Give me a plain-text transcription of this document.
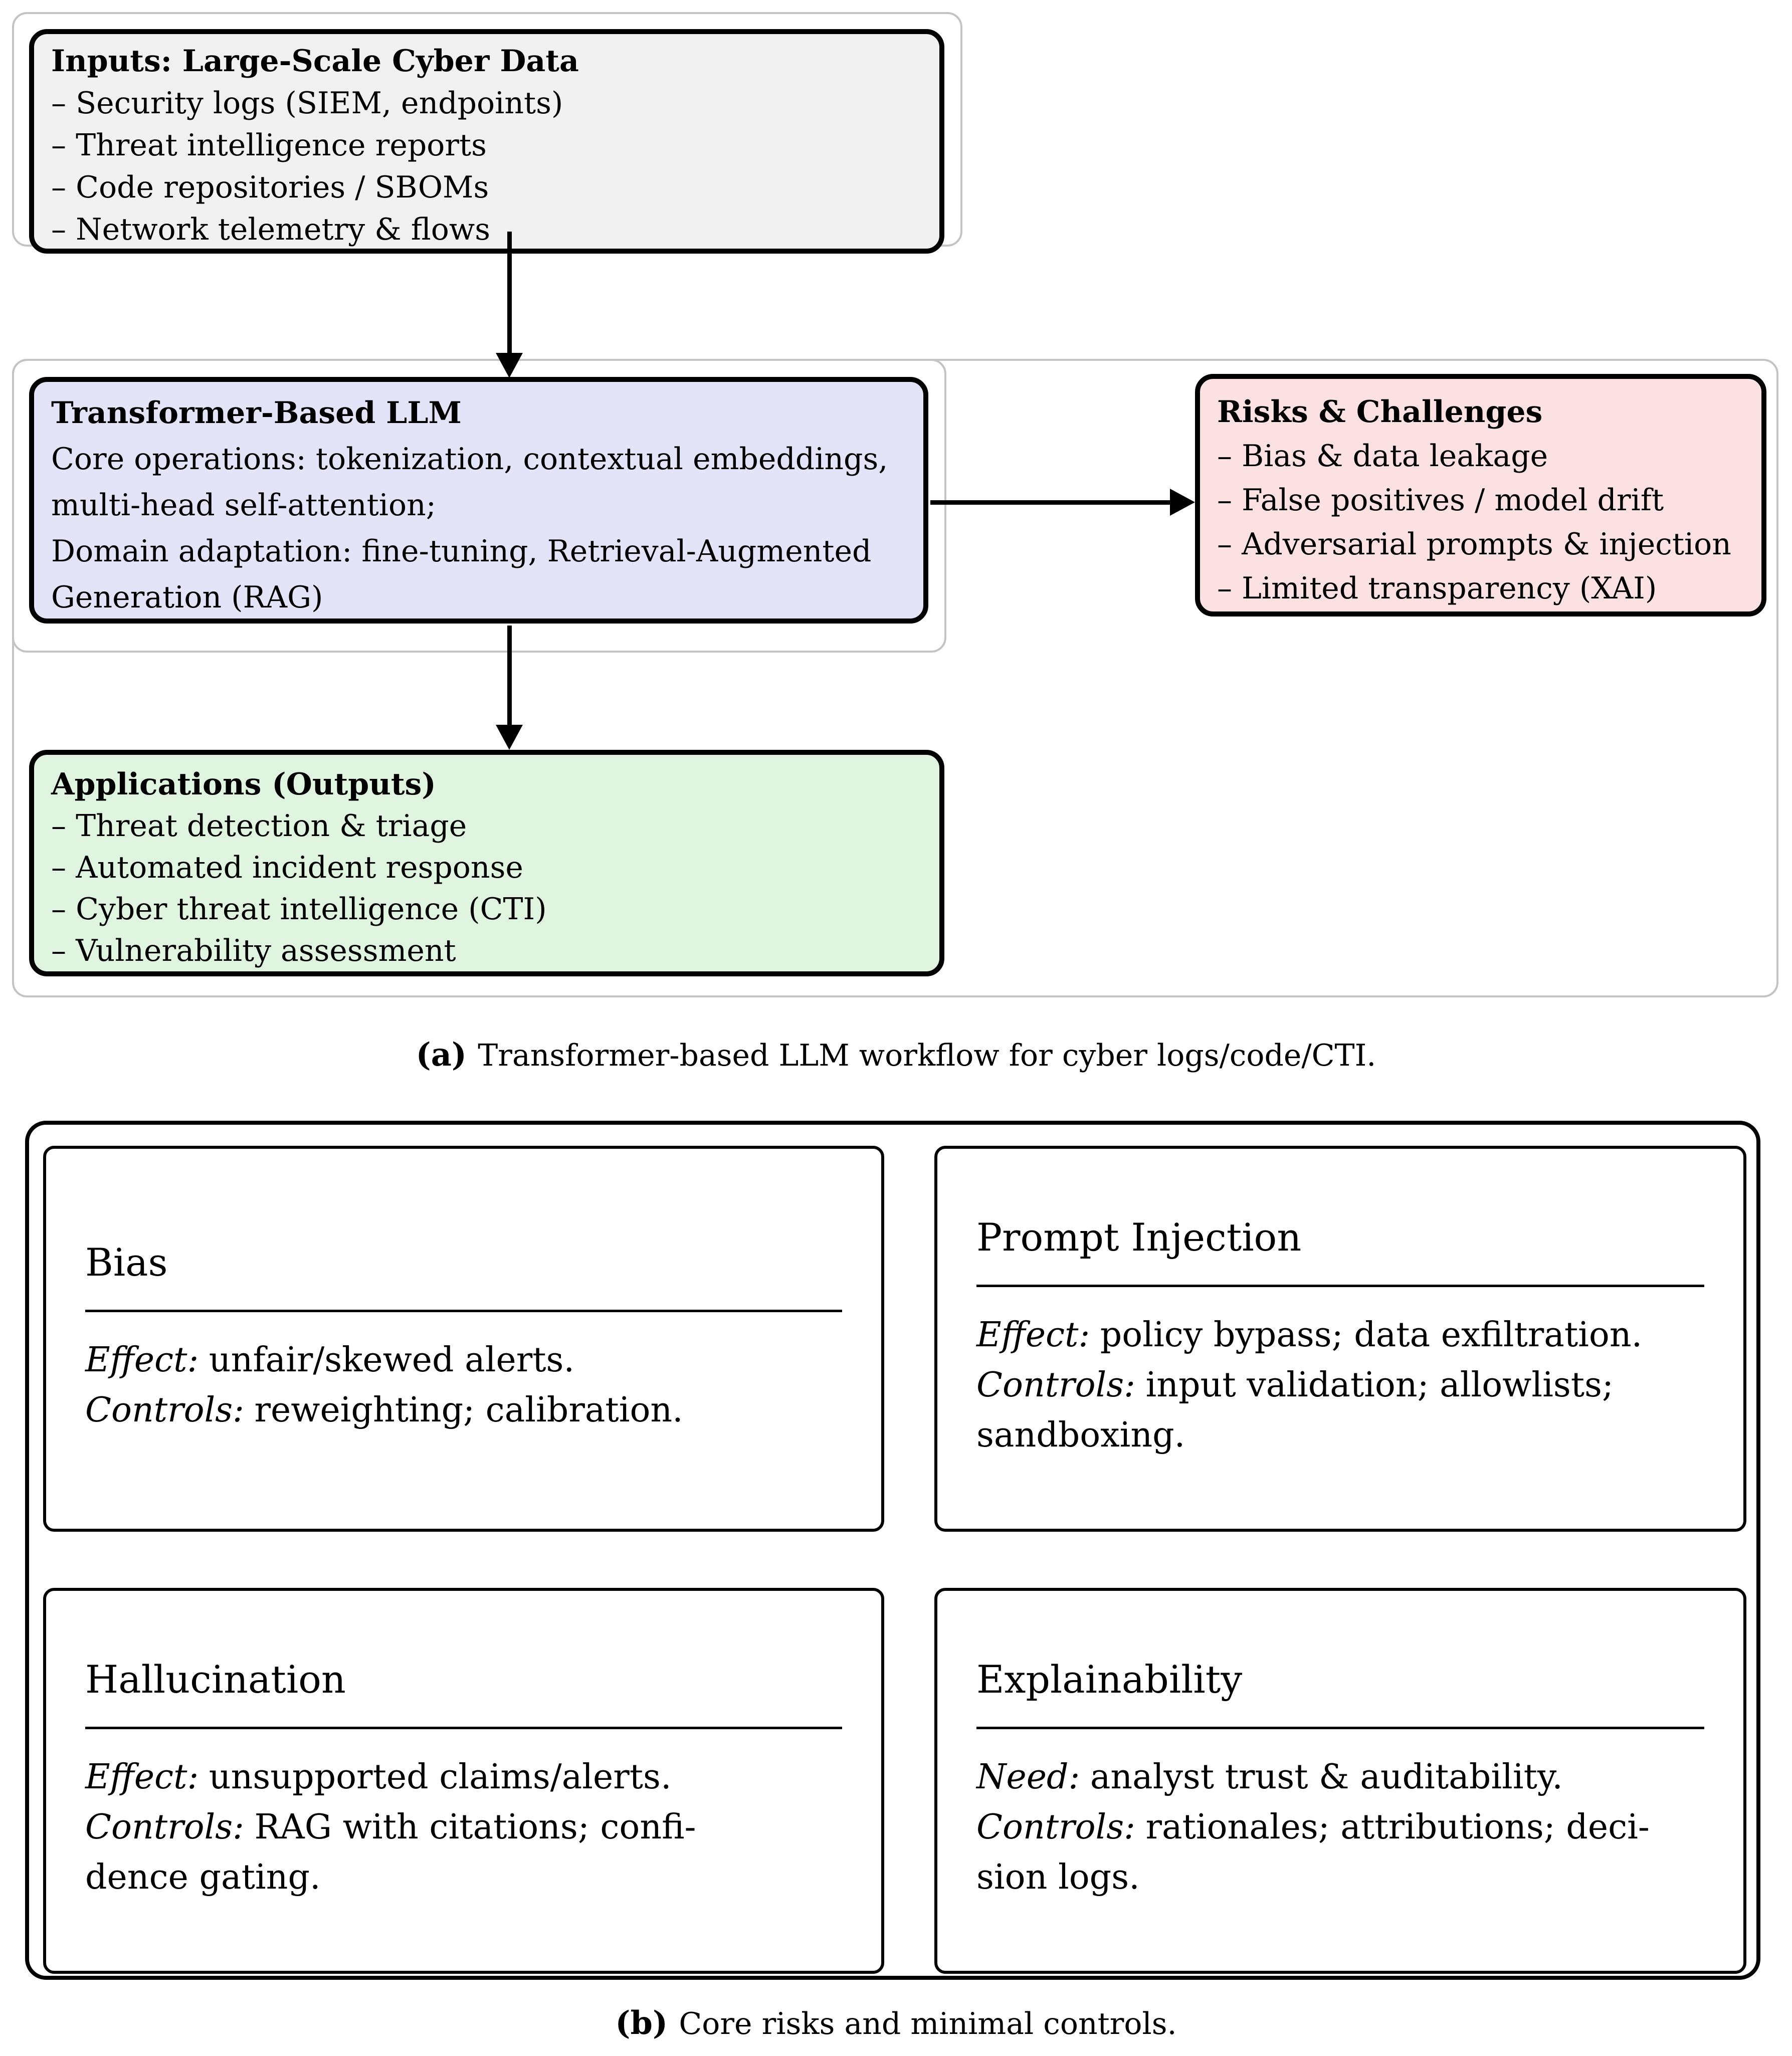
Inputs: Large-Scale Cyber Data
– Security logs (SIEM, endpoints)
– Threat intelligence reports
– Code repositories / SBOMs
– Network telemetry & flows
Transformer-Based LLM
Core operations: tokenization, contextual embeddings,
multi-head self-attention;
Domain adaptation: fine-tuning, Retrieval-Augmented
Generation (RAG)
Risks & Challenges
– Bias & data leakage
– False positives / model drift
– Adversarial prompts & injection
– Limited transparency (XAI)
Applications (Outputs)
– Threat detection & triage
– Automated incident response
– Cyber threat intelligence (CTI)
– Vulnerability assessment
(a) Transformer-based LLM workflow for cyber logs/code/CTI.
Bias
Effect: unfair/skewed alerts.
Controls: reweighting; calibration.
Prompt Injection
Effect: policy bypass; data exfiltration.
Controls: input validation; allowlists;
sandboxing.
Hallucination
Effect: unsupported claims/alerts.
Controls: RAG with citations; confi-
dence gating.
Explainability
Need: analyst trust & auditability.
Controls: rationales; attributions; deci-
sion logs.
(b) Core risks and minimal controls.
